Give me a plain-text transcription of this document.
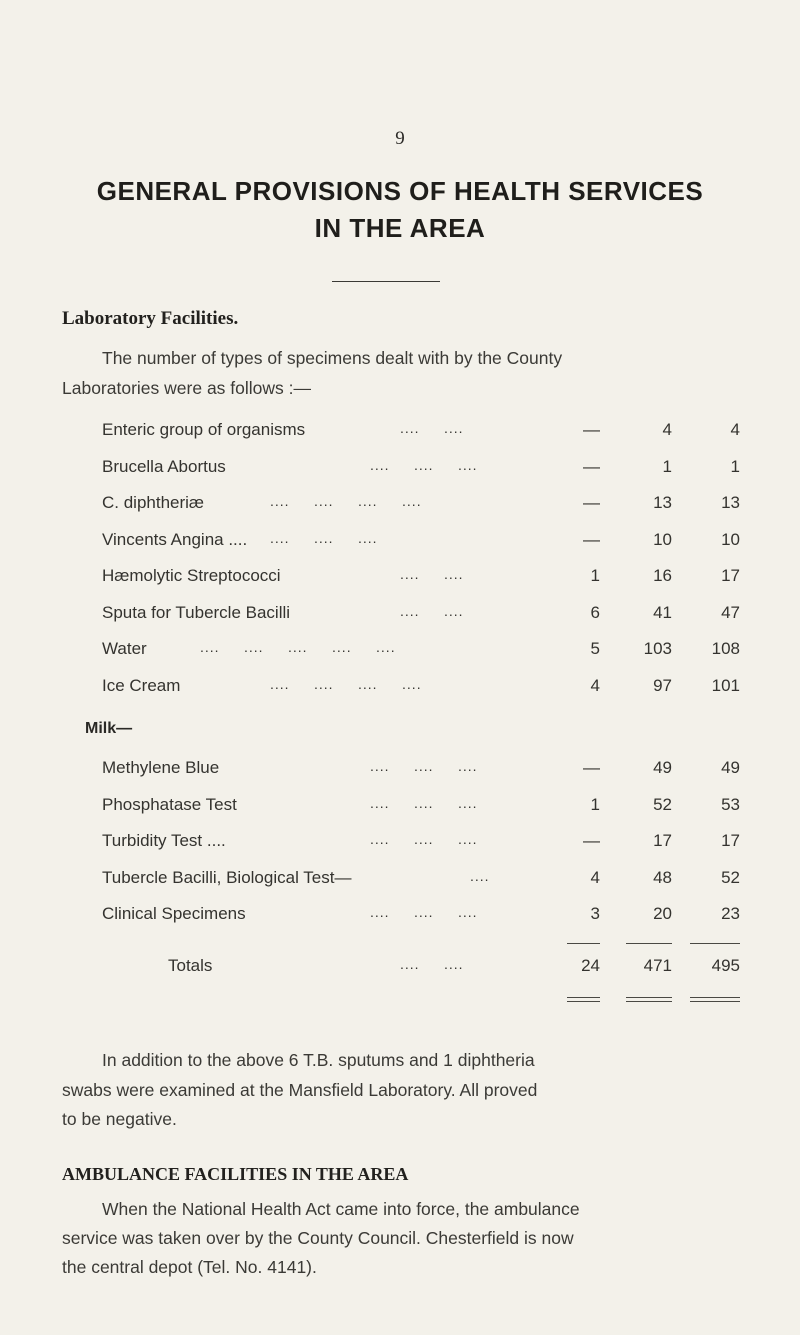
9
GENERAL PROVISIONS OF HEALTH SERVICES
IN THE AREA
Laboratory Facilities.
The number of types of specimens dealt with by the County
Laboratories were as follows :—
Enteric group of organisms	....     ....	—	4	4
Brucella Abortus	....     ....     ....	—	1	1
C. diphtheriæ	....     ....     ....     ....	—	13	13
Vincents Angina .... ....     ....     ....	—	10	10
Hæmolytic Streptococci	....     ....	1	16	17
Sputa for Tubercle Bacilli	....     ....	6	41	47
Water	....     ....     ....     ....     ....	5	103	108
Ice Cream	....     ....     ....     ....	4	97	101
Milk—
Methylene Blue	....     ....     ....	—	49	49
Phosphatase Test	....     ....     ....	1	52	53
Turbidity Test ....	....     ....     ....	—	17	17
Tubercle Bacilli, Biological Test—	....	4	48	52
Clinical Specimens	....     ....     ....	3	20	23
Totals	....     ....	24	471	495
In addition to the above 6 T.B. sputums and 1 diphtheria
swabs were examined at the Mansfield Laboratory. All proved
to be negative.
AMBULANCE FACILITIES IN THE AREA
When the National Health Act came into force, the ambulance
service was taken over by the County Council. Chesterfield is now
the central depot (Tel. No. 4141).
